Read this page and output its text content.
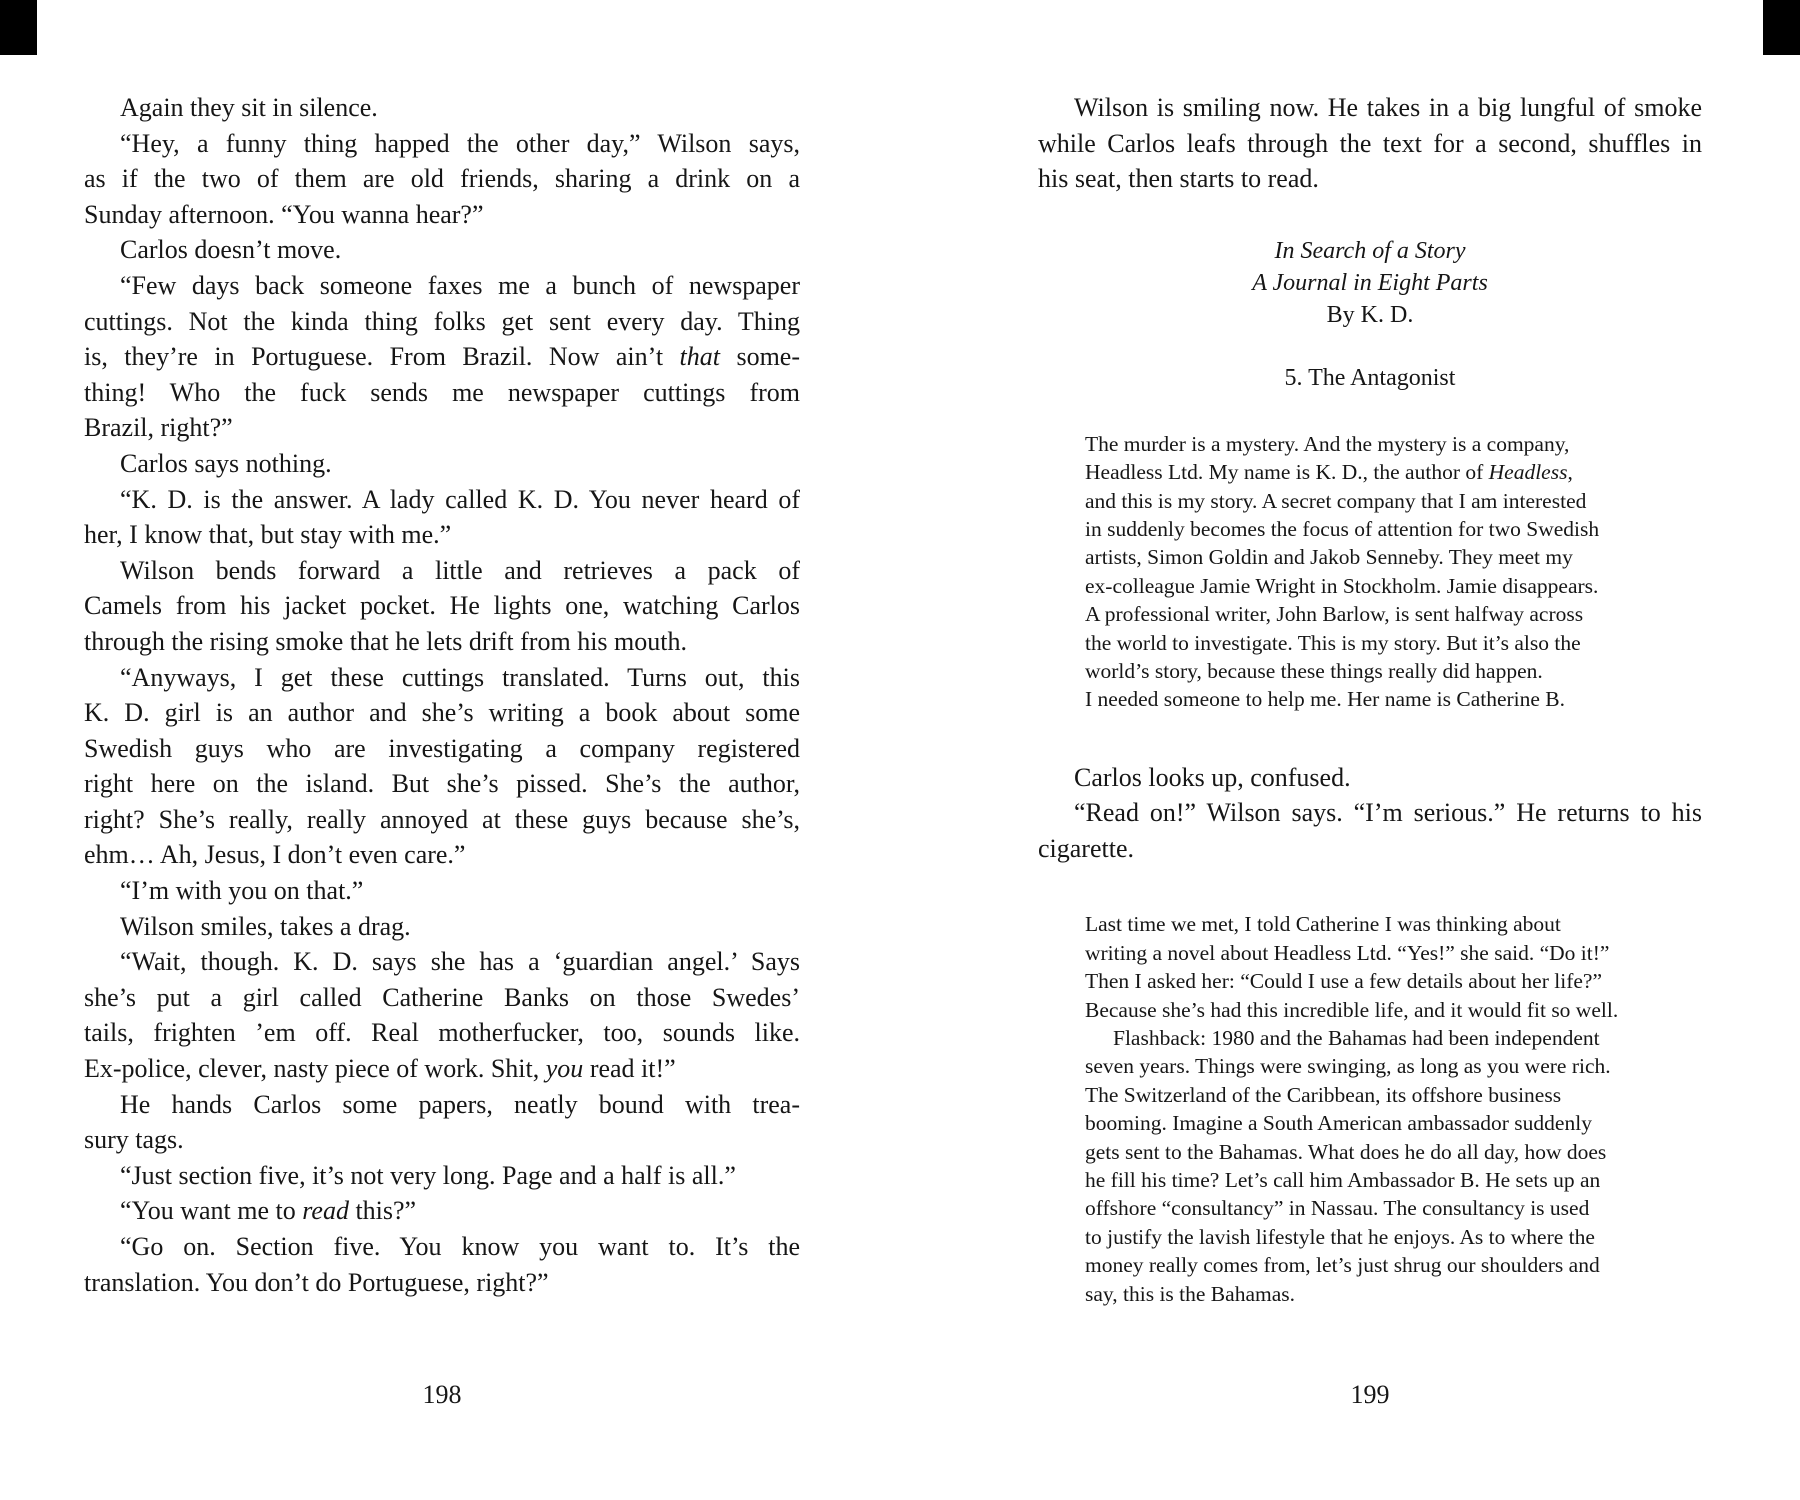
Again they sit in silence.
“Hey, a funny thing happed the other day,” Wilson says,
as if the two of them are old friends, sharing a drink on a
Sunday afternoon. “You wanna hear?”
Carlos doesn’t move.
“Few days back someone faxes me a bunch of newspaper
cuttings. Not the kinda thing folks get sent every day. Thing
is, they’re in Portuguese. From Brazil. Now ain’t that some-
thing! Who the fuck sends me newspaper cuttings from
Brazil, right?”
Carlos says nothing.
“K. D. is the answer. A lady called K. D. You never heard of
her, I know that, but stay with me.”
Wilson bends forward a little and retrieves a pack of
Camels from his jacket pocket. He lights one, watching Carlos
through the rising smoke that he lets drift from his mouth.
“Anyways, I get these cuttings translated. Turns out, this
K. D. girl is an author and she’s writing a book about some
Swedish guys who are investigating a company registered
right here on the island. But she’s pissed. She’s the author,
right? She’s really, really annoyed at these guys because she’s,
ehm… Ah, Jesus, I don’t even care.”
“I’m with you on that.”
Wilson smiles, takes a drag.
“Wait, though. K. D. says she has a ‘guardian angel.’ Says
she’s put a girl called Catherine Banks on those Swedes’
tails, frighten ’em off. Real motherfucker, too, sounds like.
Ex-police, clever, nasty piece of work. Shit, you read it!”
He hands Carlos some papers, neatly bound with trea-
sury tags.
“Just section five, it’s not very long. Page and a half is all.”
“You want me to read this?”
“Go on. Section five. You know you want to. It’s the
translation. You don’t do Portuguese, right?”
Wilson is smiling now. He takes in a big lungful of smoke
while Carlos leafs through the text for a second, shuffles in
his seat, then starts to read.
In Search of a Story
A Journal in Eight Parts
By K. D.
5. The Antagonist
The murder is a mystery. And the mystery is a company,
Headless Ltd. My name is K. D., the author of Headless,
and this is my story. A secret company that I am interested
in suddenly becomes the focus of attention for two Swedish
artists, Simon Goldin and Jakob Senneby. They meet my
ex-colleague Jamie Wright in Stockholm. Jamie disappears.
A professional writer, John Barlow, is sent halfway across
the world to investigate. This is my story. But it’s also the
world’s story, because these things really did happen.
I needed someone to help me. Her name is Catherine B.
Carlos looks up, confused.
“Read on!” Wilson says. “I’m serious.” He returns to his
cigarette.
Last time we met, I told Catherine I was thinking about
writing a novel about Headless Ltd. “Yes!” she said. “Do it!”
Then I asked her: “Could I use a few details about her life?”
Because she’s had this incredible life, and it would fit so well.
Flashback: 1980 and the Bahamas had been independent
seven years. Things were swinging, as long as you were rich.
The Switzerland of the Caribbean, its offshore business
booming. Imagine a South American ambassador suddenly
gets sent to the Bahamas. What does he do all day, how does
he fill his time? Let’s call him Ambassador B. He sets up an
offshore “consultancy” in Nassau. The consultancy is used
to justify the lavish lifestyle that he enjoys. As to where the
money really comes from, let’s just shrug our shoulders and
say, this is the Bahamas.
198	199
